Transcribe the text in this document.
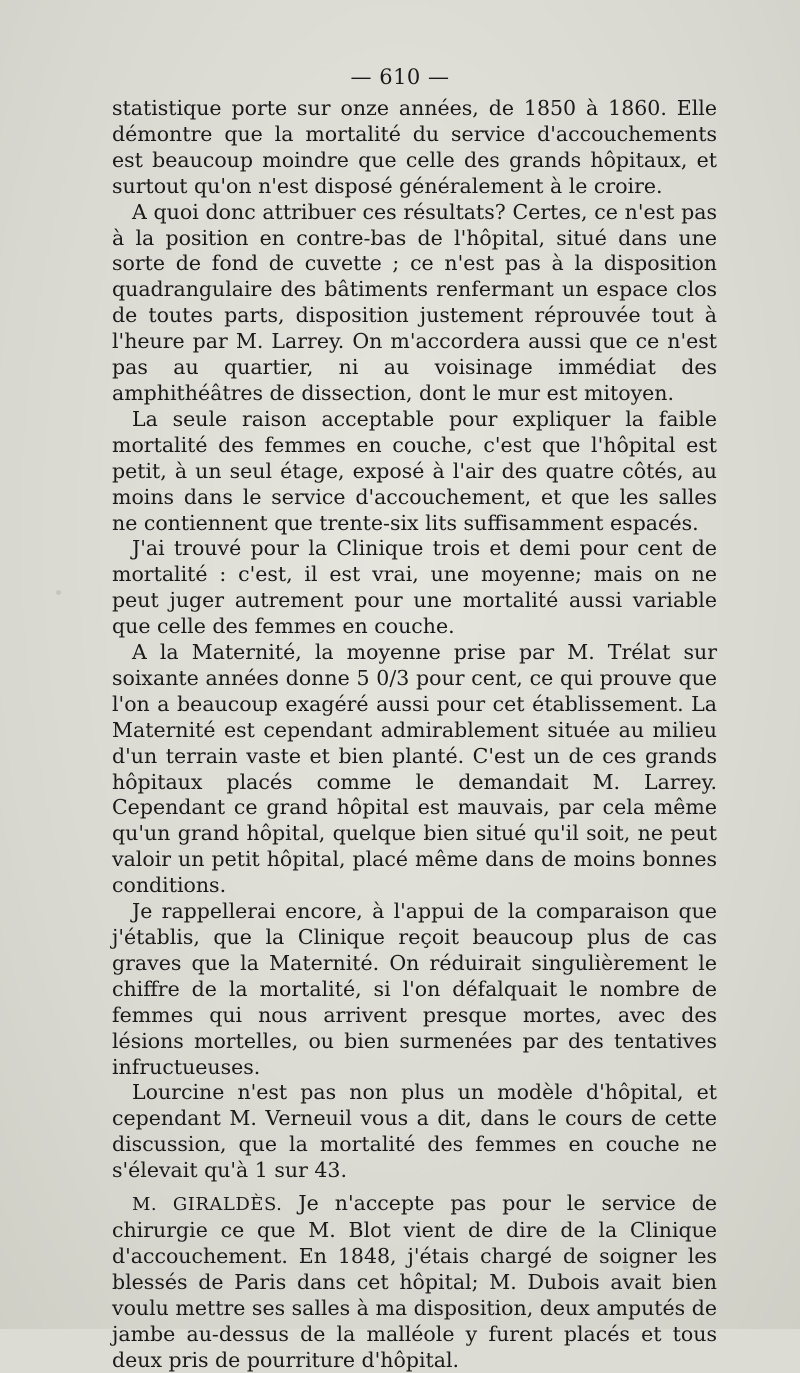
— 610 —

statistique porte sur onze années, de 1850 à 1860. Elle démontre que la mortalité du service d'accouchements est beaucoup moindre que celle des grands hôpitaux, et surtout qu'on n'est disposé généralement à le croire.

A quoi donc attribuer ces résultats? Certes, ce n'est pas à la position en contre-bas de l'hôpital, situé dans une sorte de fond de cuvette ; ce n'est pas à la disposition quadrangulaire des bâtiments renfermant un espace clos de toutes parts, disposition justement réprouvée tout à l'heure par M. Larrey. On m'accordera aussi que ce n'est pas au quartier, ni au voisinage immédiat des amphithéâtres de dissection, dont le mur est mitoyen.

La seule raison acceptable pour expliquer la faible mortalité des femmes en couche, c'est que l'hôpital est petit, à un seul étage, exposé à l'air des quatre côtés, au moins dans le service d'accouchement, et que les salles ne contiennent que trente-six lits suffisamment espacés.

J'ai trouvé pour la Clinique trois et demi pour cent de mortalité : c'est, il est vrai, une moyenne; mais on ne peut juger autrement pour une mortalité aussi variable que celle des femmes en couche.

A la Maternité, la moyenne prise par M. Trélat sur soixante années donne 5 0/3 pour cent, ce qui prouve que l'on a beaucoup exagéré aussi pour cet établissement. La Maternité est cependant admirablement située au milieu d'un terrain vaste et bien planté. C'est un de ces grands hôpitaux placés comme le demandait M. Larrey. Cependant ce grand hôpital est mauvais, par cela même qu'un grand hôpital, quelque bien situé qu'il soit, ne peut valoir un petit hôpital, placé même dans de moins bonnes conditions.

Je rappellerai encore, à l'appui de la comparaison que j'établis, que la Clinique reçoit beaucoup plus de cas graves que la Maternité. On réduirait singulièrement le chiffre de la mortalité, si l'on défalquait le nombre de femmes qui nous arrivent presque mortes, avec des lésions mortelles, ou bien surmenées par des tentatives infructueuses.

Lourcine n'est pas non plus un modèle d'hôpital, et cependant M. Verneuil vous a dit, dans le cours de cette discussion, que la mortalité des femmes en couche ne s'élevait qu'à 1 sur 43.

M. GIRALDÈS. Je n'accepte pas pour le service de chirurgie ce que M. Blot vient de dire de la Clinique d'accouchement. En 1848, j'étais chargé de soigner les blessés de Paris dans cet hôpital; M. Dubois avait bien voulu mettre ses salles à ma disposition, deux amputés de jambe au-dessus de la malléole y furent placés et tous deux pris de pourriture d'hôpital.
